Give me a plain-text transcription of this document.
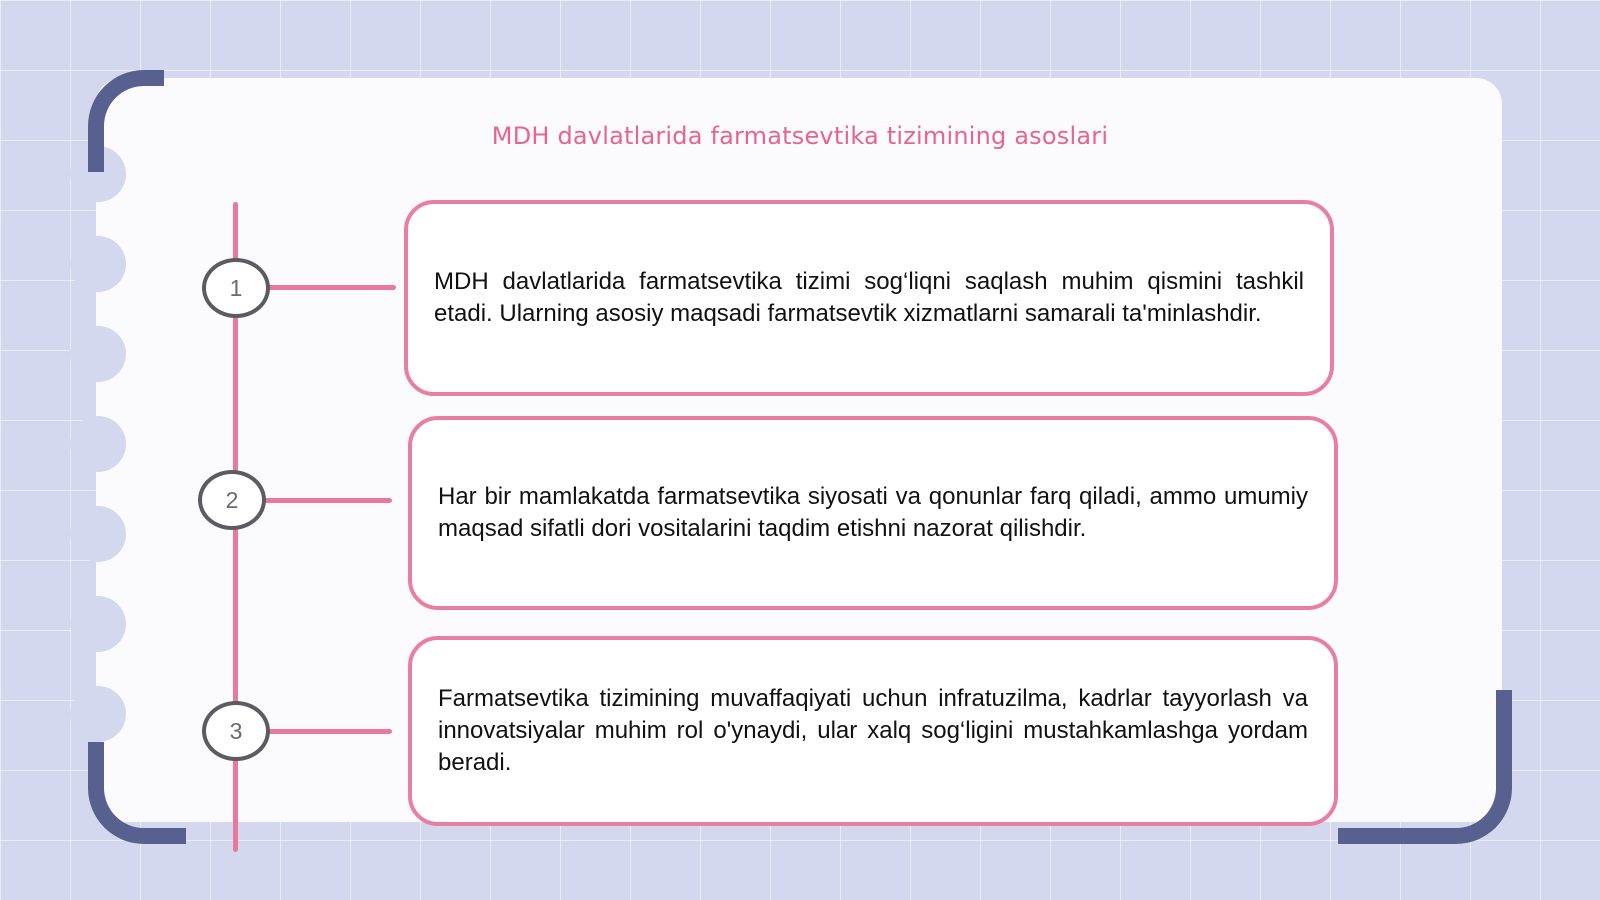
MDH davlatlarida farmatsevtika tizimining asoslari
1
2
3
MDH davlatlarida farmatsevtika tizimi sog‘liqni saqlash muhim qismini tashkil etadi. Ularning asosiy maqsadi farmatsevtik xizmatlarni samarali ta'minlashdir.
Har bir mamlakatda farmatsevtika siyosati va qonunlar farq qiladi, ammo umumiy maqsad sifatli dori vositalarini taqdim etishni nazorat qilishdir.
Farmatsevtika tizimining muvaffaqiyati uchun infratuzilma, kadrlar tayyorlash va innovatsiyalar muhim rol o'ynaydi, ular xalq sog‘ligini mustahkamlashga yordam beradi.
